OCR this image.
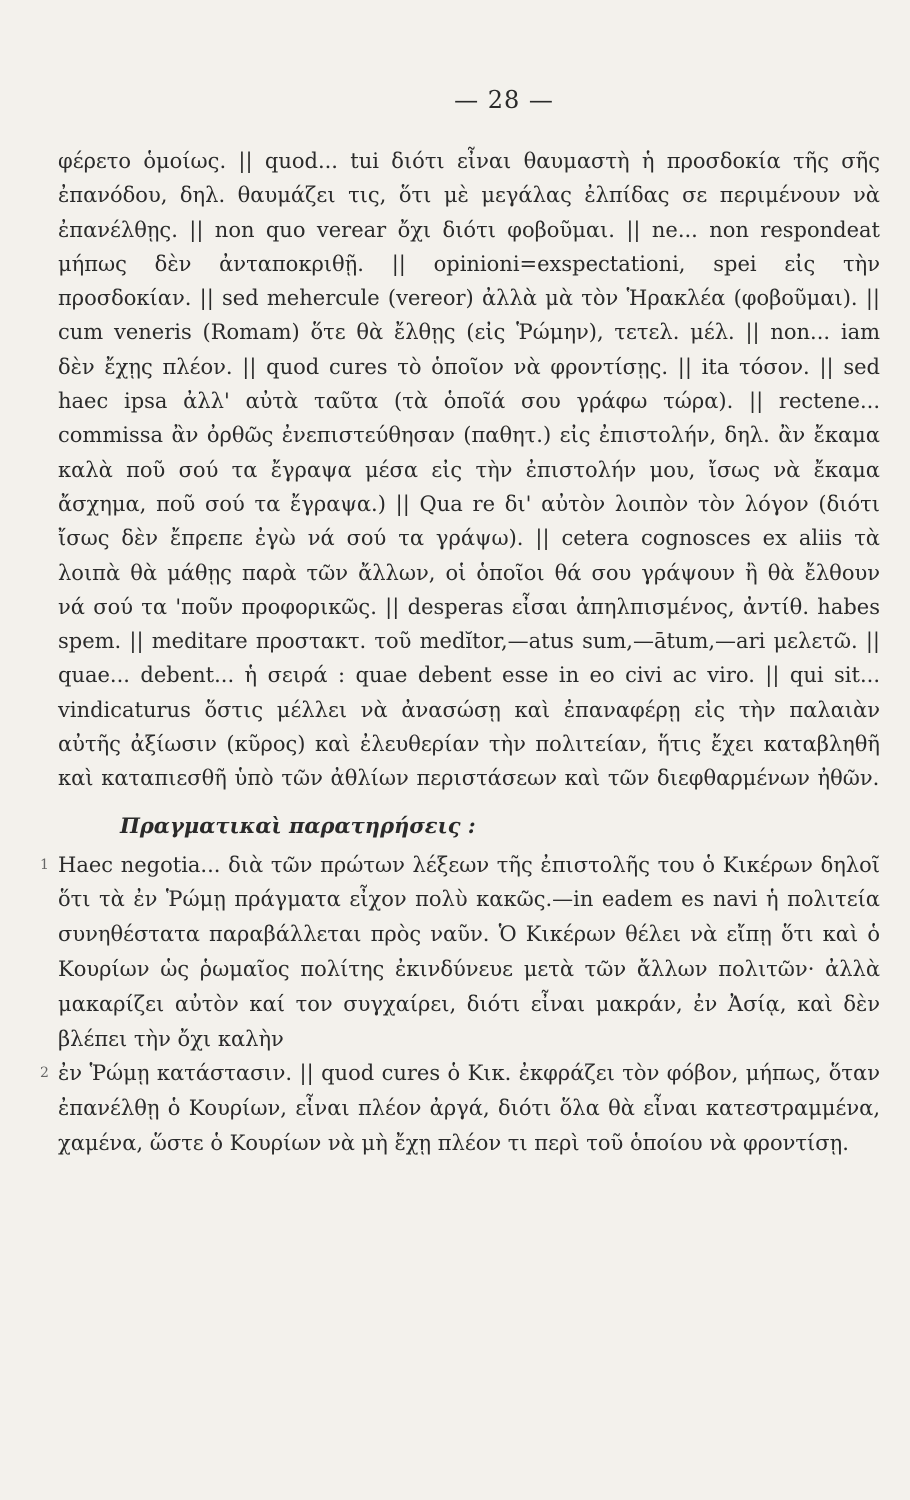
— 28 —

φέρετο ὁμοίως. || quod... tui διότι εἶναι θαυμαστὴ ἡ προσδοκία τῆς σῆς ἐπανόδου, δηλ. θαυμάζει τις, ὅτι μὲ μεγάλας ἐλπίδας σε περιμένουν νὰ ἐπανέλθῃς. || non quo verear ὄχι διότι φοβοῦμαι. || ne... non respondeat μήπως δὲν ἀνταποκριθῇ. || opinioni=exspectationi, spei εἰς τὴν προσδοκίαν. || sed mehercule (vereor) ἀλλὰ μὰ τὸν Ἡρακλέα (φοβοῦμαι). || cum veneris (Romam) ὅτε θὰ ἔλθῃς (εἰς Ῥώμην), τετελ. μέλ. || non... iam δὲν ἔχῃς πλέον. || quod cures τὸ ὁποῖον νὰ φροντίσῃς. || ita τόσον. || sed haec ipsa ἀλλ' αὐτὰ ταῦτα (τὰ ὁποῖά σου γράφω τώρα). || rectene... commissa ἂν ὀρθῶς ἐνεπιστεύθησαν (παθητ.) εἰς ἐπιστολήν, δηλ. ἂν ἔκαμα καλὰ ποῦ σού τα ἔγραψα μέσα εἰς τὴν ἐπιστολήν μου, ἴσως νὰ ἔκαμα ἄσχημα, ποῦ σού τα ἔγραψα.) || Qua re δι' αὐτὸν λοιπὸν τὸν λόγον (διότι ἴσως δὲν ἔπρεπε ἐγὼ νά σού τα γράψω). || cetera cognosces ex aliis τὰ λοιπὰ θὰ μάθῃς παρὰ τῶν ἄλλων, οἱ ὁποῖοι θά σου γράψουν ἢ θὰ ἔλθουν νά σού τα 'ποῦν προφορικῶς. || desperas εἶσαι ἀπηλπισμένος, ἀντίθ. habes spem. || meditare προστακτ. τοῦ medĭtor,—atus sum,—ātum,—ari μελετῶ. || quae... debent... ἡ σειρά : quae debent esse in eo civi ac viro. || qui sit... vindicaturus ὅστις μέλλει νὰ ἀνασώσῃ καὶ ἐπαναφέρῃ εἰς τὴν παλαιὰν αὐτῆς ἀξίωσιν (κῦρος) καὶ ἐλευθερίαν τὴν πολιτείαν, ἥτις ἔχει καταβληθῆ καὶ καταπιεσθῆ ὑπὸ τῶν ἀθλίων περιστάσεων καὶ τῶν διεφθαρμένων ἠθῶν.

Πραγματικαὶ παρατηρήσεις :

1 Haec negotia... διὰ τῶν πρώτων λέξεων τῆς ἐπιστολῆς του ὁ Κικέρων δηλοῖ ὅτι τὰ ἐν Ῥώμῃ πράγματα εἶχον πολὺ κακῶς.—in eadem es navi ἡ πολιτεία συνηθέστατα παραβάλλεται πρὸς ναῦν. Ὁ Κικέρων θέλει νὰ εἴπῃ ὅτι καὶ ὁ Κουρίων ὡς ῥωμαῖος πολίτης ἐκινδύνευε μετὰ τῶν ἄλλων πολιτῶν· ἀλλὰ μακαρίζει αὐτὸν καί τον συγχαίρει, διότι εἶναι μακράν, ἐν Ἀσίᾳ, καὶ δὲν βλέπει τὴν ὄχι καλὴν

2 ἐν Ῥώμῃ κατάστασιν. || quod cures ὁ Κικ. ἐκφράζει τὸν φόβον, μήπως, ὅταν ἐπανέλθῃ ὁ Κουρίων, εἶναι πλέον ἀργά, διότι ὅλα θὰ εἶναι κατεστραμμένα, χαμένα, ὥστε ὁ Κουρίων νὰ μὴ ἔχῃ πλέον τι περὶ τοῦ ὁποίου νὰ φροντίσῃ.
